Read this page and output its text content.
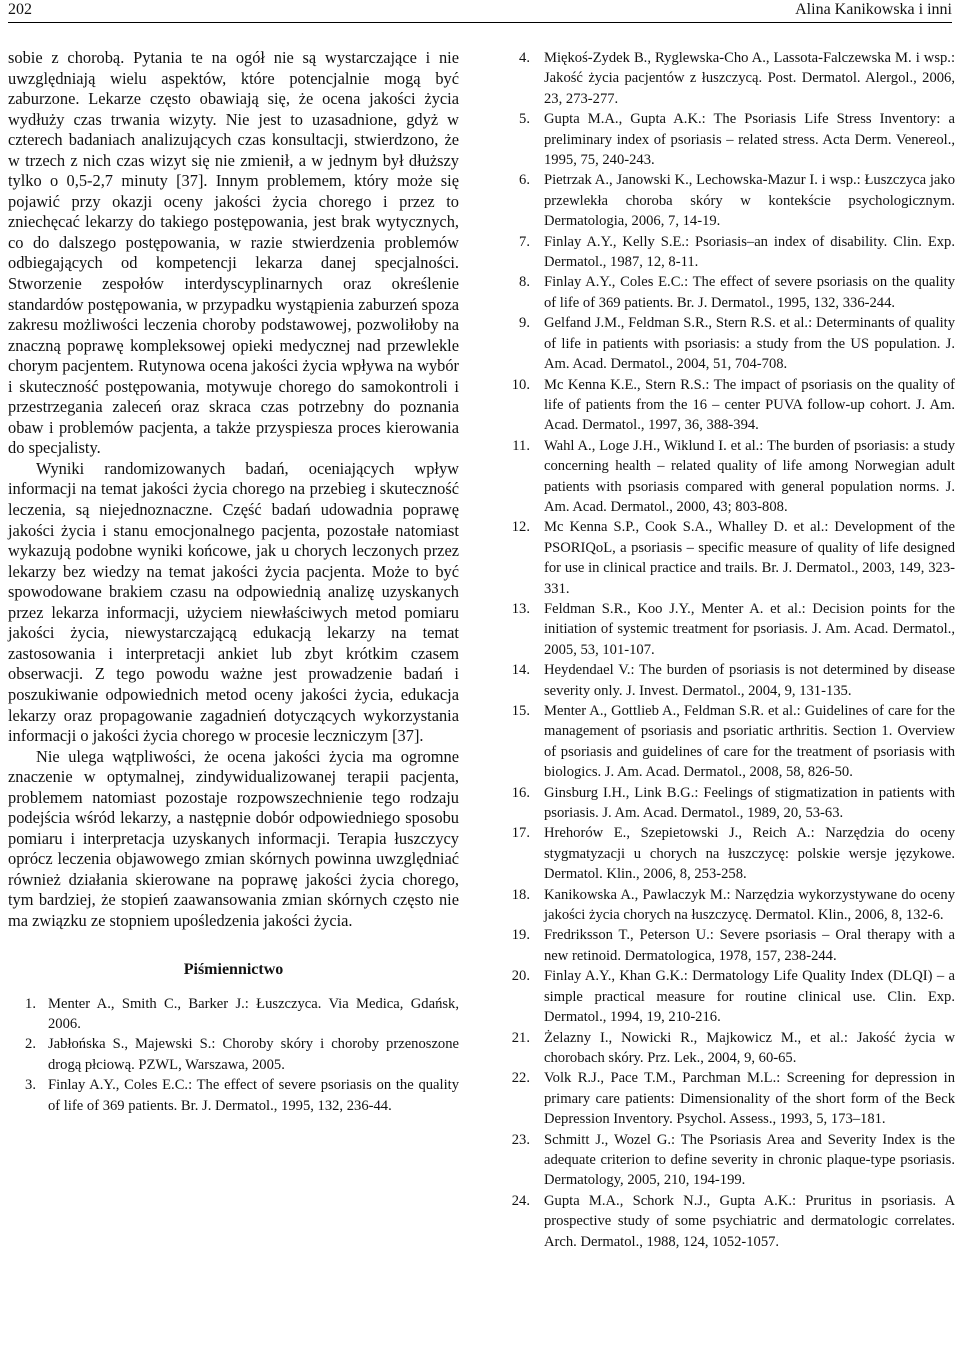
202	Alina Kanikowska i inni

sobie z chorobą. Pytania te na ogół nie są wystarczające i nie uwzględniają wielu aspektów, które potencjalnie mogą być zaburzone. Lekarze często obawiają się, że ocena jakości życia wydłuży czas trwania wizyty. Nie jest to uzasadnione, gdyż w czterech badaniach analizujących czas konsultacji, stwierdzono, że w trzech z nich czas wizyt się nie zmienił, a w jednym był dłuższy tylko o 0,5-2,7 minuty [37]. Innym problemem, który może się pojawić przy okazji oceny jakości życia chorego i przez to zniechęcać lekarzy do takiego postępowania, jest brak wytycznych, co do dalszego postępowania, w razie stwierdzenia problemów odbiegających od kompetencji lekarza danej specjalności. Stworzenie zespołów interdyscyplinarnych oraz określenie standardów postępowania, w przypadku wystąpienia zaburzeń spoza zakresu możliwości leczenia choroby podstawowej, pozwoliłoby na znaczną poprawę kompleksowej opieki medycznej nad przewlekle chorym pacjentem. Rutynowa ocena jakości życia wpływa na wybór i skuteczność postępowania, motywuje chorego do samokontroli i przestrzegania zaleceń oraz skraca czas potrzebny do poznania obaw i problemów pacjenta, a także przyspiesza proces kierowania do specjalisty.

Wyniki randomizowanych badań, oceniających wpływ informacji na temat jakości życia chorego na przebieg i skuteczność leczenia, są niejednoznaczne. Część badań udowadnia poprawę jakości życia i stanu emocjonalnego pacjenta, pozostałe natomiast wykazują podobne wyniki końcowe, jak u chorych leczonych przez lekarzy bez wiedzy na temat jakości życia pacjenta. Może to być spowodowane brakiem czasu na odpowiednią analizę uzyskanych przez lekarza informacji, użyciem niewłaściwych metod pomiaru jakości życia, niewystarczającą edukacją lekarzy na temat zastosowania i interpretacji ankiet lub zbyt krótkim czasem obserwacji. Z tego powodu ważne jest prowadzenie badań i poszukiwanie odpowiednich metod oceny jakości życia, edukacja lekarzy oraz propagowanie zagadnień dotyczących wykorzystania informacji o jakości życia chorego w procesie leczniczym [37].

Nie ulega wątpliwości, że ocena jakości życia ma ogromne znaczenie w optymalnej, zindywidualizowanej terapii pacjenta, problemem natomiast pozostaje rozpowszechnienie tego rodzaju podejścia wśród lekarzy, a następnie dobór odpowiedniego sposobu pomiaru i interpretacja uzyskanych informacji. Terapia łuszczycy oprócz leczenia objawowego zmian skórnych powinna uwzględniać również działania skierowane na poprawę jakości życia chorego, tym bardziej, że stopień zaawansowania zmian skórnych często nie ma związku ze stopniem upośledzenia jakości życia.

Piśmiennictwo
1. Menter A., Smith C., Barker J.: Łuszczyca. Via Medica, Gdańsk, 2006.
2. Jabłońska S., Majewski S.: Choroby skóry i choroby przenoszone drogą płciową. PZWL, Warszawa, 2005.
3. Finlay A.Y., Coles E.C.: The effect of severe psoriasis on the quality of life of 369 patients. Br. J. Dermatol., 1995, 132, 236-44.
4. Miękoś-Zydek B., Ryglewska-Cho A., Lassota-Falczewska M. i wsp.: Jakość życia pacjentów z łuszczycą. Post. Dermatol. Alergol., 2006, 23, 273-277.
5. Gupta M.A., Gupta A.K.: The Psoriasis Life Stress Inventory: a preliminary index of psoriasis – related stress. Acta Derm. Venereol., 1995, 75, 240-243.
6. Pietrzak A., Janowski K., Lechowska-Mazur I. i wsp.: Łuszczyca jako przewlekła choroba skóry w kontekście psychologicznym. Dermatologia, 2006, 7, 14-19.
7. Finlay A.Y., Kelly S.E.: Psoriasis–an index of disability. Clin. Exp. Dermatol., 1987, 12, 8-11.
8. Finlay A.Y., Coles E.C.: The effect of severe psoriasis on the quality of life of 369 patients. Br. J. Dermatol., 1995, 132, 336-244.
9. Gelfand J.M., Feldman S.R., Stern R.S. et al.: Determinants of quality of life in patients with psoriasis: a study from the US population. J. Am. Acad. Dermatol., 2004, 51, 704-708.
10. Mc Kenna K.E., Stern R.S.: The impact of psoriasis on the quality of life of patients from the 16 – center PUVA follow-up cohort. J. Am. Acad. Dermatol., 1997, 36, 388-394.
11. Wahl A., Loge J.H., Wiklund I. et al.: The burden of psoriasis: a study concerning health – related quality of life among Norwegian adult patients with psoriasis compared with general population norms. J. Am. Acad. Dermatol., 2000, 43; 803-808.
12. Mc Kenna S.P., Cook S.A., Whalley D. et al.: Development of the PSORIQoL, a psoriasis – specific measure of quality of life designed for use in clinical practice and trails. Br. J. Dermatol., 2003, 149, 323-331.
13. Feldman S.R., Koo J.Y., Menter A. et al.: Decision points for the initiation of systemic treatment for psoriasis. J. Am. Acad. Dermatol., 2005, 53, 101-107.
14. Heydendael V.: The burden of psoriasis is not determined by disease severity only. J. Invest. Dermatol., 2004, 9, 131-135.
15. Menter A., Gottlieb A., Feldman S.R. et al.: Guidelines of care for the management of psoriasis and psoriatic arthritis. Section 1. Overview of psoriasis and guidelines of care for the treatment of psoriasis with biologics. J. Am. Acad. Dermatol., 2008, 58, 826-50.
16. Ginsburg I.H., Link B.G.: Feelings of stigmatization in patients with psoriasis. J. Am. Acad. Dermatol., 1989, 20, 53-63.
17. Hrehorów E., Szepietowski J., Reich A.: Narzędzia do oceny stygmatyzacji u chorych na łuszczycę: polskie wersje językowe. Dermatol. Klin., 2006, 8, 253-258.
18. Kanikowska A., Pawlaczyk M.: Narzędzia wykorzystywane do oceny jakości życia chorych na łuszczycę. Dermatol. Klin., 2006, 8, 132-6.
19. Fredriksson T., Peterson U.: Severe psoriasis – Oral therapy with a new retinoid. Dermatologica, 1978, 157, 238-244.
20. Finlay A.Y., Khan G.K.: Dermatology Life Quality Index (DLQI) – a simple practical measure for routine clinical use. Clin. Exp. Dermatol., 1994, 19, 210-216.
21. Żelazny I., Nowicki R., Majkowicz M., et al.: Jakość życia w chorobach skóry. Prz. Lek., 2004, 9, 60-65.
22. Volk R.J., Pace T.M., Parchman M.L.: Screening for depression in primary care patients: Dimensionality of the short form of the Beck Depression Inventory. Psychol. Assess., 1993, 5, 173–181.
23. Schmitt J., Wozel G.: The Psoriasis Area and Severity Index is the adequate criterion to define severity in chronic plaque-type psoriasis. Dermatology, 2005, 210, 194-199.
24. Gupta M.A., Schork N.J., Gupta A.K.: Pruritus in psoriasis. A prospective study of some psychiatric and dermatologic correlates. Arch. Dermatol., 1988, 124, 1052-1057.
